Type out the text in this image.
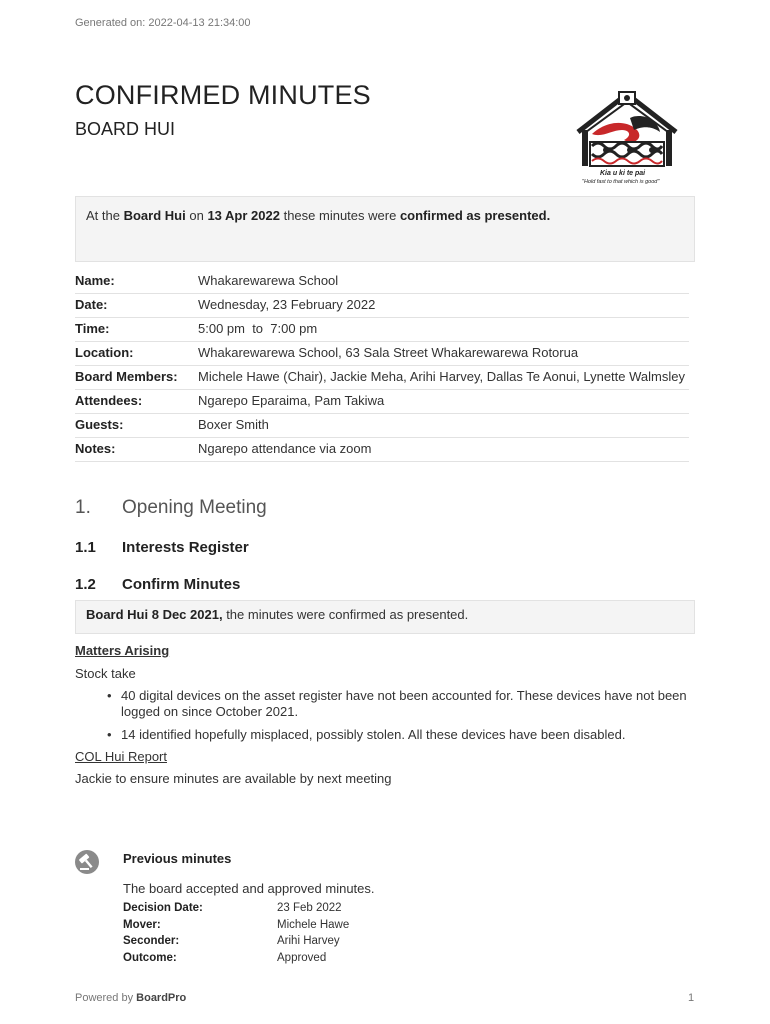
Generated on: 2022-04-13 21:34:00
CONFIRMED MINUTES
BOARD HUI
Kia u ki te pai
"Hold fast to that which is good"
At the Board Hui on 13 Apr 2022 these minutes were confirmed as presented.
Name:	Whakarewarewa School
Date:	Wednesday, 23 February 2022
Time:	5:00 pm  to  7:00 pm
Location:	Whakarewarewa School, 63 Sala Street Whakarewarewa Rotorua
Board Members:	Michele Hawe (Chair), Jackie Meha, Arihi Harvey, Dallas Te Aonui, Lynette Walmsley
Attendees:	Ngarepo Eparaima, Pam Takiwa
Guests:	Boxer Smith
Notes:	Ngarepo attendance via zoom
1. Opening Meeting
1.1 Interests Register
1.2 Confirm Minutes
Board Hui 8 Dec 2021, the minutes were confirmed as presented.
Matters Arising
Stock take
• 40 digital devices on the asset register have not been accounted for. These devices have not been logged on since October 2021.
• 14 identified hopefully misplaced, possibly stolen. All these devices have been disabled.
COL Hui Report
Jackie to ensure minutes are available by next meeting
Previous minutes
The board accepted and approved minutes.
Decision Date:	23 Feb 2022
Mover:	Michele Hawe
Seconder:	Arihi Harvey
Outcome:	Approved
Powered by BoardPro	1
